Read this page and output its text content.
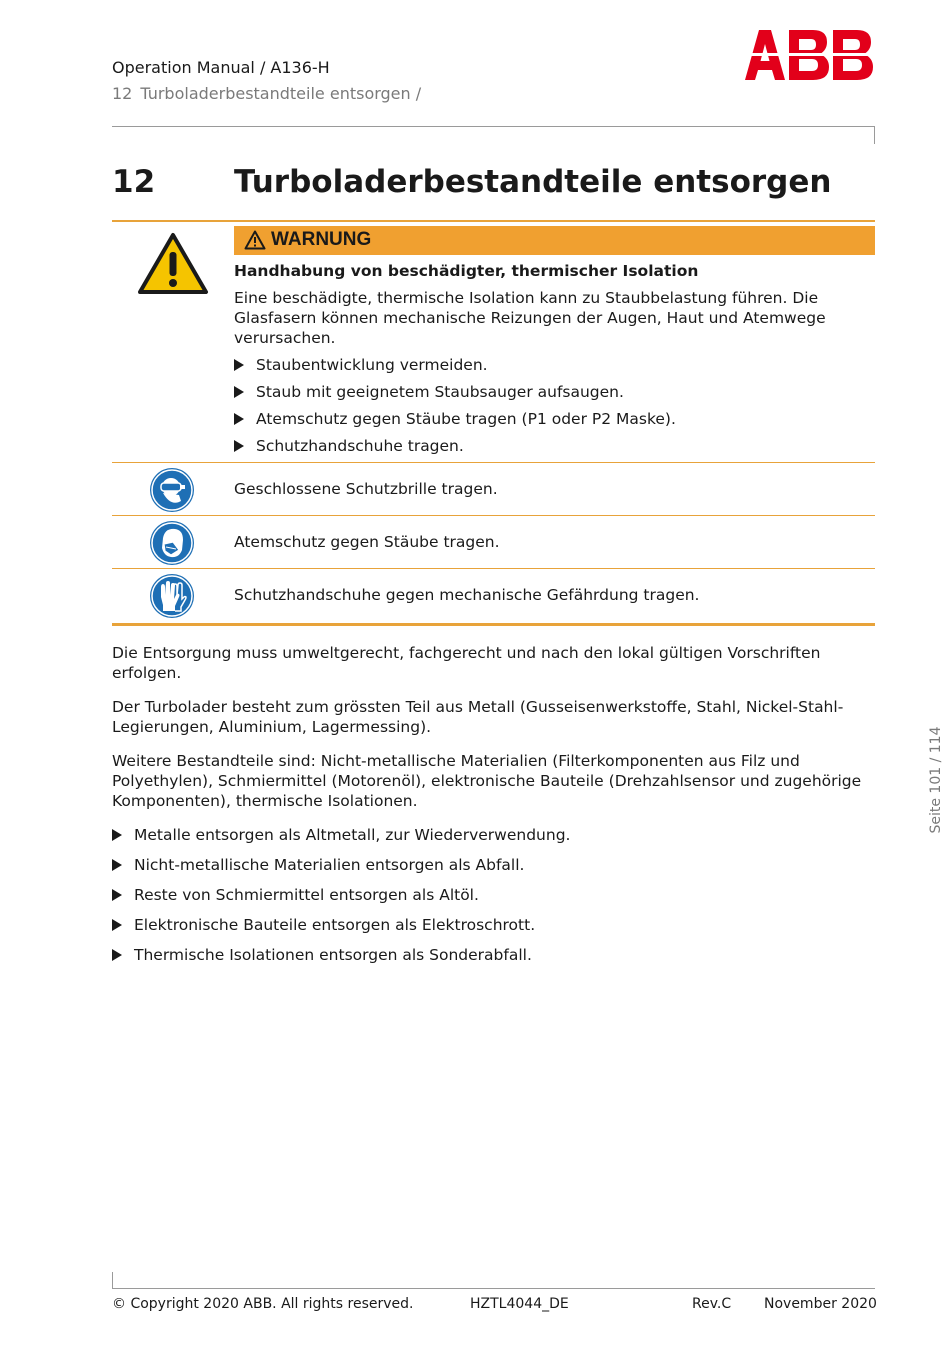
Operation Manual / A136-H
12 Turboladerbestandteile entsorgen /
12	Turboladerbestandteile entsorgen
WARNUNG
Handhabung von beschädigter, thermischer Isolation
Eine beschädigte, thermische Isolation kann zu Staubbelastung führen. Die Glasfasern können mechanische Reizungen der Augen, Haut und Atemwege verursachen.
Staubentwicklung vermeiden.
Staub mit geeignetem Staubsauger aufsaugen.
Atemschutz gegen Stäube tragen (P1 oder P2 Maske).
Schutzhandschuhe tragen.
Geschlossene Schutzbrille tragen.
Atemschutz gegen Stäube tragen.
Schutzhandschuhe gegen mechanische Gefährdung tragen.
Die Entsorgung muss umweltgerecht, fachgerecht und nach den lokal gültigen Vorschriften erfolgen.
Der Turbolader besteht zum grössten Teil aus Metall (Gusseisenwerkstoffe, Stahl, Nickel-Stahl-Legierungen, Aluminium, Lagermessing).
Weitere Bestandteile sind: Nicht-metallische Materialien (Filterkomponenten aus Filz und Polyethylen), Schmiermittel (Motorenöl), elektronische Bauteile (Drehzahlsensor und zugehörige Komponenten), thermische Isolationen.
Metalle entsorgen als Altmetall, zur Wiederverwendung.
Nicht-metallische Materialien entsorgen als Abfall.
Reste von Schmiermittel entsorgen als Altöl.
Elektronische Bauteile entsorgen als Elektroschrott.
Thermische Isolationen entsorgen als Sonderabfall.
Seite 101 / 114
© Copyright 2020 ABB. All rights reserved.	HZTL4044_DE	Rev.C November 2020
